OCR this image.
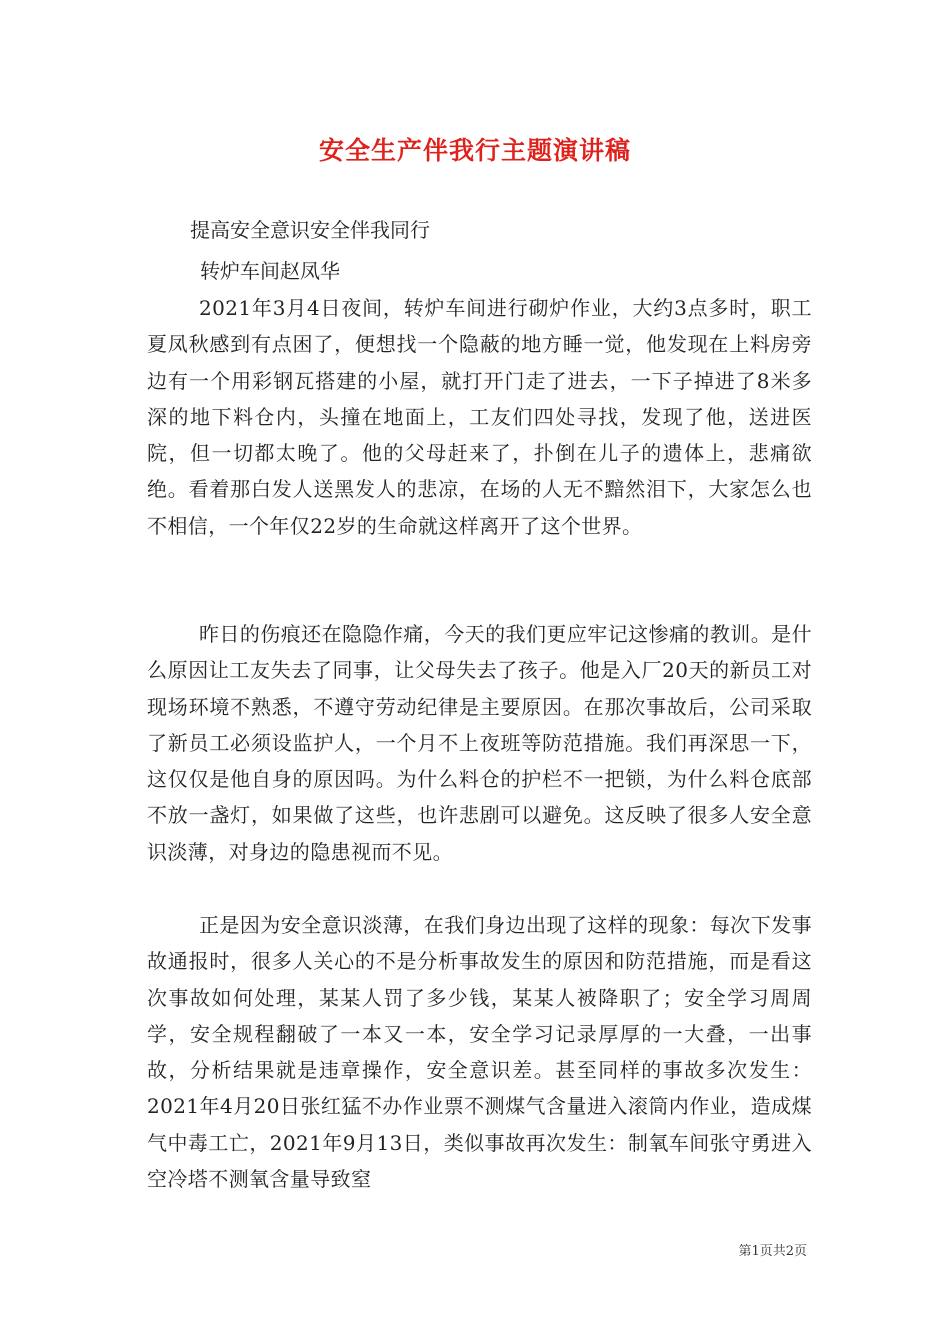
安全生产伴我行主题演讲稿
提高安全意识安全伴我同行
转炉车间赵凤华

2021年3月4日夜间，转炉车间进行砌炉作业，大约3点多时，职工夏凤秋感到有点困了，便想找一个隐蔽的地方睡一觉，他发现在上料房旁边有一个用彩钢瓦搭建的小屋，就打开门走了进去，一下子掉进了8米多深的地下料仓内，头撞在地面上，工友们四处寻找，发现了他，送进医院，但一切都太晚了。他的父母赶来了，扑倒在儿子的遗体上，悲痛欲绝。看着那白发人送黑发人的悲凉，在场的人无不黯然泪下，大家怎么也不相信，一个年仅22岁的生命就这样离开了这个世界。

昨日的伤痕还在隐隐作痛，今天的我们更应牢记这惨痛的教训。是什么原因让工友失去了同事，让父母失去了孩子。他是入厂20天的新员工对现场环境不熟悉，不遵守劳动纪律是主要原因。在那次事故后，公司采取了新员工必须设监护人，一个月不上夜班等防范措施。我们再深思一下，这仅仅是他自身的原因吗。为什么料仓的护栏不一把锁，为什么料仓底部不放一盏灯，如果做了这些，也许悲剧可以避免。这反映了很多人安全意识淡薄，对身边的隐患视而不见。

正是因为安全意识淡薄，在我们身边出现了这样的现象：每次下发事故通报时，很多人关心的不是分析事故发生的原因和防范措施，而是看这次事故如何处理，某某人罚了多少钱，某某人被降职了；安全学习周周学，安全规程翻破了一本又一本，安全学习记录厚厚的一大叠，一出事故，分析结果就是违章操作，安全意识差。甚至同样的事故多次发生：2021年4月20日张红猛不办作业票不测煤气含量进入滚筒内作业，造成煤气中毒工亡，2021年9月13日，类似事故再次发生：制氧车间张守勇进入空冷塔不测氧含量导致窒

第1页共2页
